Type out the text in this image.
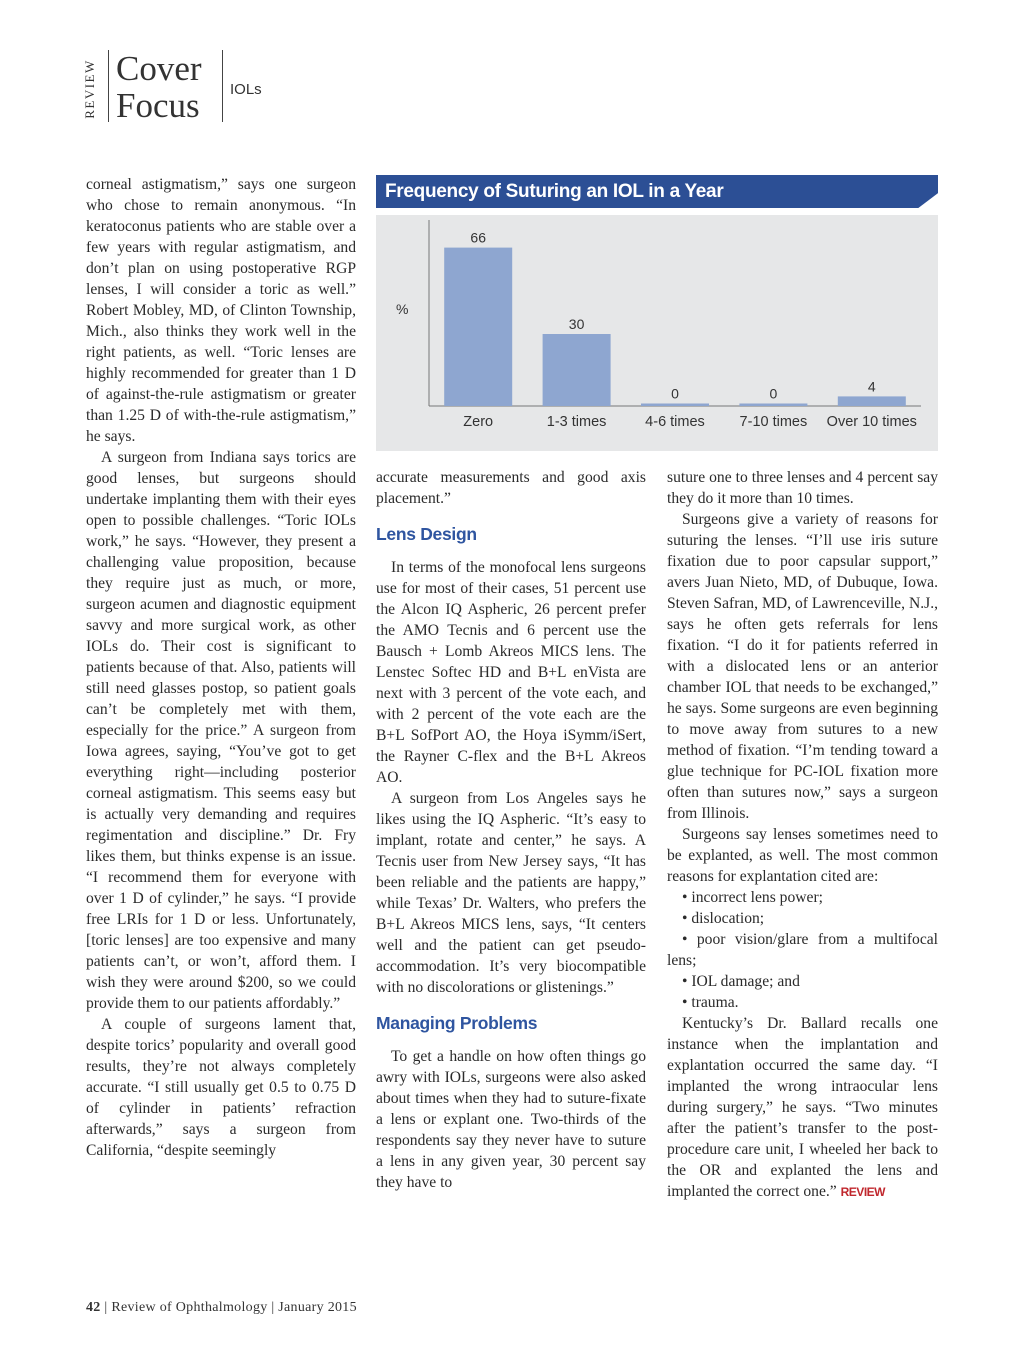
REVIEW Cover
Focus IOLs

corneal astigmatism,” says one surgeon who chose to remain anonymous. “In keratoconus patients who are stable over a few years with regular astigmatism, and don’t plan on using postoperative RGP lenses, I will consider a toric as well.” Robert Mobley, MD, of Clinton Township, Mich., also thinks they work well in the right patients, as well. “Toric lenses are highly recommended for greater than 1 D of against-the-rule astigmatism or greater than 1.25 D of with-the-rule astigmatism,” he says.

A surgeon from Indiana says torics are good lenses, but surgeons should undertake implanting them with their eyes open to possible challenges. “Toric IOLs work,” he says. “However, they present a challenging value proposition, because they require just as much, or more, surgeon acumen and diagnostic equipment savvy and more surgical work, as other IOLs do. Their cost is significant to patients because of that. Also, patients will still need glasses postop, so patient goals can’t be completely met with them, especially for the price.” A surgeon from Iowa agrees, saying, “You’ve got to get everything right—including posterior corneal astigmatism. This seems easy but is actually very demanding and requires regimentation and discipline.” Dr. Fry likes them, but thinks expense is an issue. “I recommend them for everyone with over 1 D of cylinder,” he says. “I provide free LRIs for 1 D or less. Unfortunately, [toric lenses] are too expensive and many patients can’t, or won’t, afford them. I wish they were around $200, so we could provide them to our patients affordably.”

A couple of surgeons lament that, despite torics’ popularity and overall good results, they’re not always completely accurate. “I still usually get 0.5 to 0.75 D of cylinder in patients’ refraction afterwards,” says a surgeon from California, “despite seemingly

Frequency of Suturing an IOL in a Year
%
66
Zero
30
1-3 times
0
4-6 times
0
7-10 times
4
Over 10 times

accurate measurements and good axis placement.”

Lens Design

In terms of the monofocal lens surgeons use for most of their cases, 51 percent use the Alcon IQ Aspheric, 26 percent prefer the AMO Tecnis and 6 percent use the Bausch + Lomb Akreos MICS lens. The Lenstec Softec HD and B+L enVista are next with 3 percent of the vote each, and with 2 percent of the vote each are the B+L SofPort AO, the Hoya iSymm/iSert, the Rayner C-flex and the B+L Akreos AO.

A surgeon from Los Angeles says he likes using the IQ Aspheric. “It’s easy to implant, rotate and center,” he says. A Tecnis user from New Jersey says, “It has been reliable and the patients are happy,” while Texas’ Dr. Walters, who prefers the B+L Akreos MICS lens, says, “It centers well and the patient can get pseudo-accommodation. It’s very biocompatible with no discolorations or glistenings.”

Managing Problems

To get a handle on how often things go awry with IOLs, surgeons were also asked about times when they had to suture-fixate a lens or explant one. Two-thirds of the respondents say they never have to suture a lens in any given year, 30 percent say they have to

suture one to three lenses and 4 percent say they do it more than 10 times.

Surgeons give a variety of reasons for suturing the lenses. “I’ll use iris suture fixation due to poor capsular support,” avers Juan Nieto, MD, of Dubuque, Iowa. Steven Safran, MD, of Lawrenceville, N.J., says he often gets referrals for lens fixation. “I do it for patients referred in with a dislocated lens or an anterior chamber IOL that needs to be exchanged,” he says. Some surgeons are even beginning to move away from sutures to a new method of fixation. “I’m tending toward a glue technique for PC-IOL fixation more often than sutures now,” says a surgeon from Illinois.

Surgeons say lenses sometimes need to be explanted, as well. The most common reasons for explantation cited are:

• incorrect lens power;
• dislocation;
• poor vision/glare from a multifocal lens;
• IOL damage; and
• trauma.

Kentucky’s Dr. Ballard recalls one instance when the implantation and explantation occurred the same day. “I implanted the wrong intraocular lens during surgery,” he says. “Two minutes after the patient’s transfer to the post-procedure care unit, I wheeled her back to the OR and explanted the lens and implanted the correct one.” REVIEW

42 | Review of Ophthalmology | January 2015
